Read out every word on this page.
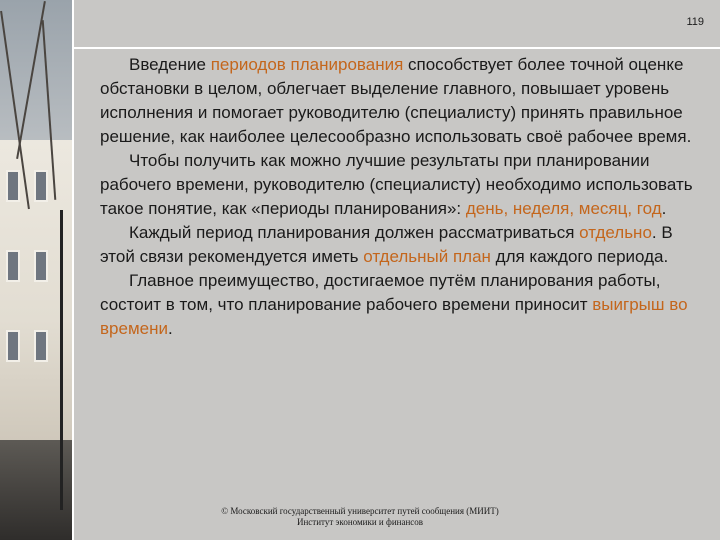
119

Введение периодов планирования способствует более точной оценке обстановки в целом, облегчает выделение главного, повышает уровень исполнения и помогает руководителю (специалисту) принять правильное решение, как наиболее целесообразно использовать своё рабочее время.

Чтобы получить как можно лучшие результаты при планировании рабочего времени, руководителю (специалисту) необходимо использовать такое понятие, как «периоды планирования»: день, неделя, месяц, год.

Каждый период планирования должен рассматриваться отдельно. В этой связи рекомендуется иметь отдельный план для каждого периода.

Главное преимущество, достигаемое путём планирования работы, состоит в том, что планирование рабочего времени приносит выигрыш во времени.

© Московский государственный университет путей сообщения (МИИТ)
Институт экономики и финансов
